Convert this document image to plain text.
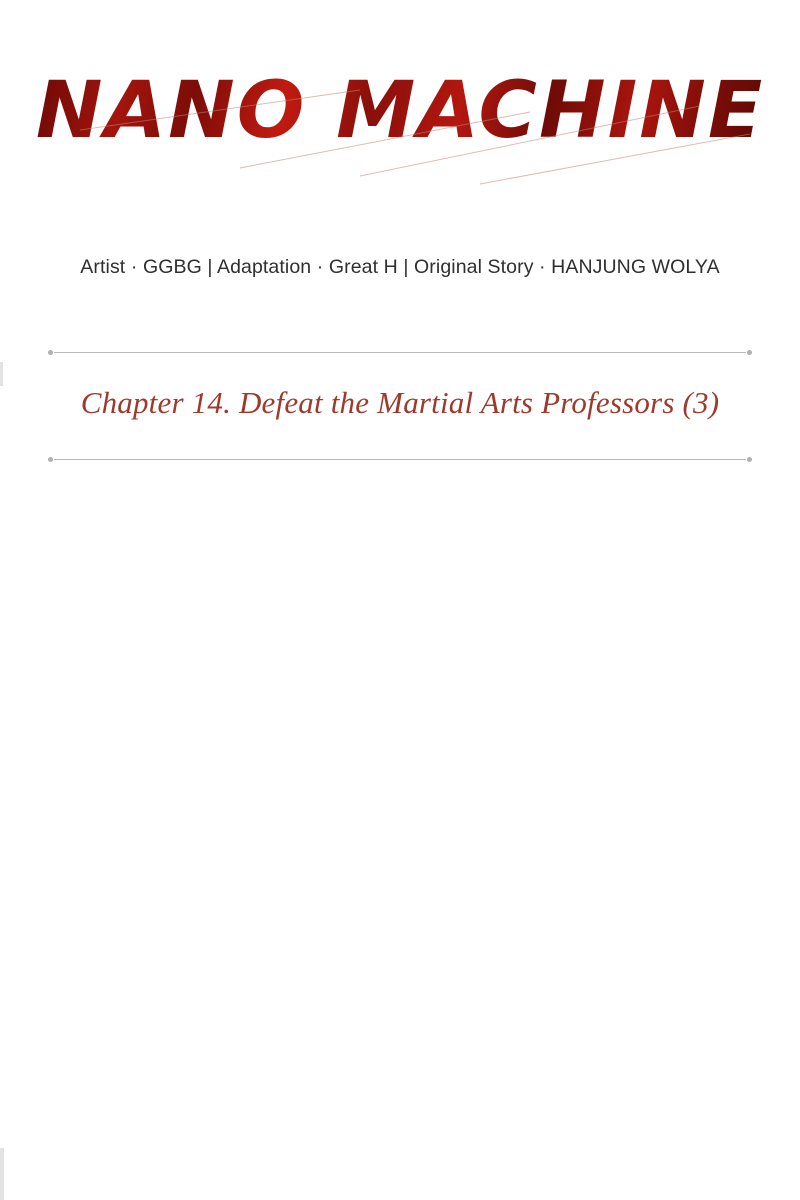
NANO MACHINE
Artist · GGBG | Adaptation · Great H | Original Story · HANJUNG WOLYA
Chapter 14. Defeat the Martial Arts Professors (3)
